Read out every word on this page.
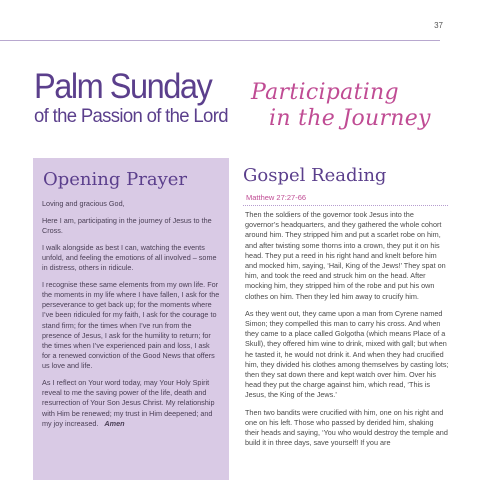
37
Palm Sunday
of the Passion of the Lord
Participating
in the Journey
Opening Prayer

Loving and gracious God,

Here I am, participating in the journey of Jesus to the Cross.

I walk alongside as best I can, watching the events unfold, and feeling the emotions of all involved – some in distress, others in ridicule.

I recognise these same elements from my own life. For the moments in my life where I have fallen, I ask for the perseverance to get back up; for the moments where I’ve been ridiculed for my faith, I ask for the courage to stand firm; for the times when I’ve run from the presence of Jesus, I ask for the humility to return; for the times when I’ve experienced pain and loss, I ask for a renewed conviction of the Good News that offers us love and life.

As I reflect on Your word today, may Your Holy Spirit reveal to me the saving power of the life, death and resurrection of Your Son Jesus Christ. My relationship with Him be renewed; my trust in Him deepened; and my joy increased. Amen

Gospel Reading
Matthew 27:27-66

Then the soldiers of the governor took Jesus into the governor’s headquarters, and they gathered the whole cohort around him. They stripped him and put a scarlet robe on him, and after twisting some thorns into a crown, they put it on his head. They put a reed in his right hand and knelt before him and mocked him, saying, ‘Hail, King of the Jews!’ They spat on him, and took the reed and struck him on the head. After mocking him, they stripped him of the robe and put his own clothes on him. Then they led him away to crucify him.

As they went out, they came upon a man from Cyrene named Simon; they compelled this man to carry his cross. And when they came to a place called Golgotha (which means Place of a Skull), they offered him wine to drink, mixed with gall; but when he tasted it, he would not drink it. And when they had crucified him, they divided his clothes among themselves by casting lots; then they sat down there and kept watch over him. Over his head they put the charge against him, which read, ‘This is Jesus, the King of the Jews.’

Then two bandits were crucified with him, one on his right and one on his left. Those who passed by derided him, shaking their heads and saying, ‘You who would destroy the temple and build it in three days, save yourself! If you are
